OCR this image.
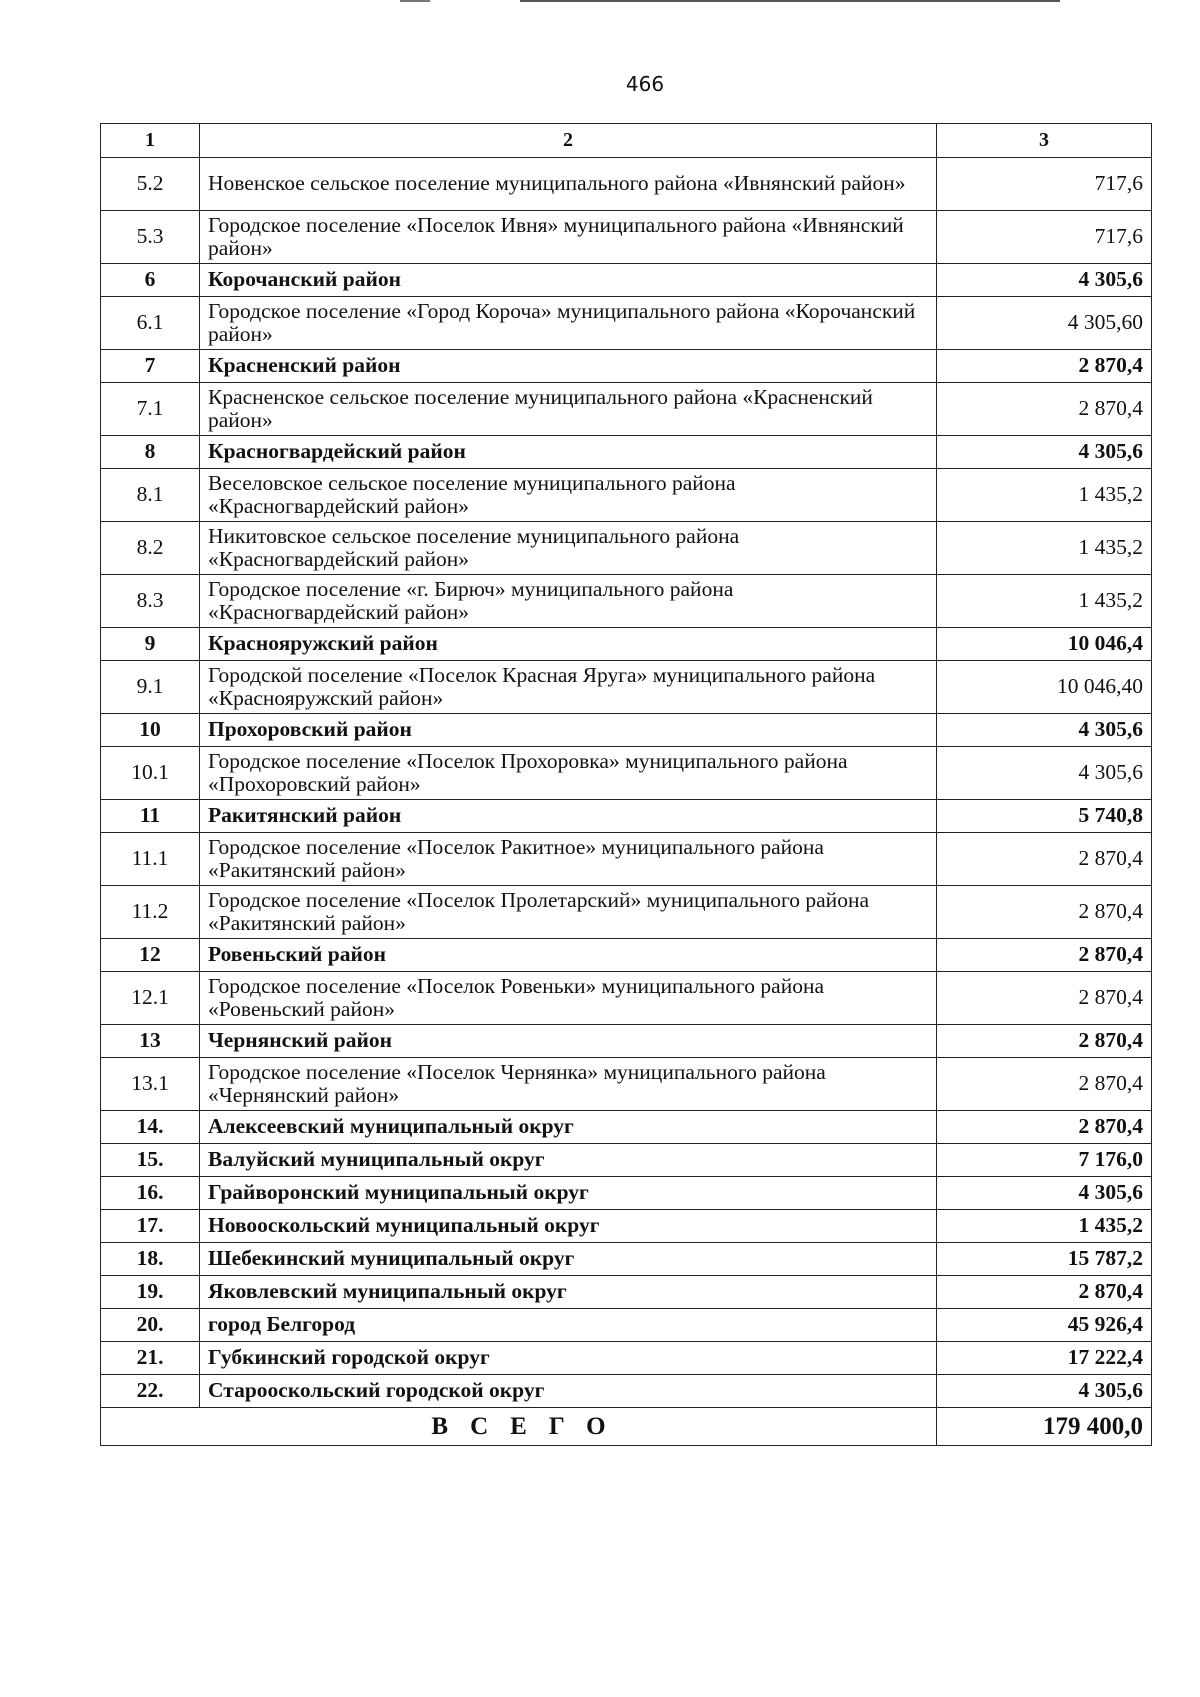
466
1	2	3
5.2	Новенское сельское поселение муниципального района «Ивнянский район»	717,6
5.3	Городское поселение «Поселок Ивня» муниципального района «Ивнянский район»	717,6
6	Корочанский район	4 305,6
6.1	Городское поселение «Город Короча» муниципального района «Корочанский район»	4 305,60
7	Красненский район	2 870,4
7.1	Красненское сельское поселение муниципального района «Красненский район»	2 870,4
8	Красногвардейский район	4 305,6
8.1	Веселовское сельское поселение муниципального района «Красногвардейский район»	1 435,2
8.2	Никитовское сельское поселение муниципального района «Красногвардейский район»	1 435,2
8.3	Городское поселение «г. Бирюч» муниципального района «Красногвардейский район»	1 435,2
9	Краснояружский район	10 046,4
9.1	Городской поселение «Поселок Красная Яруга» муниципального района «Краснояружский район»	10 046,40
10	Прохоровский район	4 305,6
10.1	Городское поселение «Поселок Прохоровка» муниципального района «Прохоровский район»	4 305,6
11	Ракитянский район	5 740,8
11.1	Городское поселение «Поселок Ракитное» муниципального района «Ракитянский район»	2 870,4
11.2	Городское поселение «Поселок Пролетарский» муниципального района «Ракитянский район»	2 870,4
12	Ровеньский район	2 870,4
12.1	Городское поселение «Поселок Ровеньки» муниципального района «Ровеньский район»	2 870,4
13	Чернянский район	2 870,4
13.1	Городское поселение «Поселок Чернянка» муниципального района «Чернянский район»	2 870,4
14.	Алексеевский муниципальный округ	2 870,4
15.	Валуйский муниципальный округ	7 176,0
16.	Грайворонский муниципальный округ	4 305,6
17.	Новооскольский муниципальный округ	1 435,2
18.	Шебекинский муниципальный округ	15 787,2
19.	Яковлевский муниципальный округ	2 870,4
20.	город Белгород	45 926,4
21.	Губкинский городской округ	17 222,4
22.	Старооскольский городской округ	4 305,6
ВСЕГО		179 400,0
